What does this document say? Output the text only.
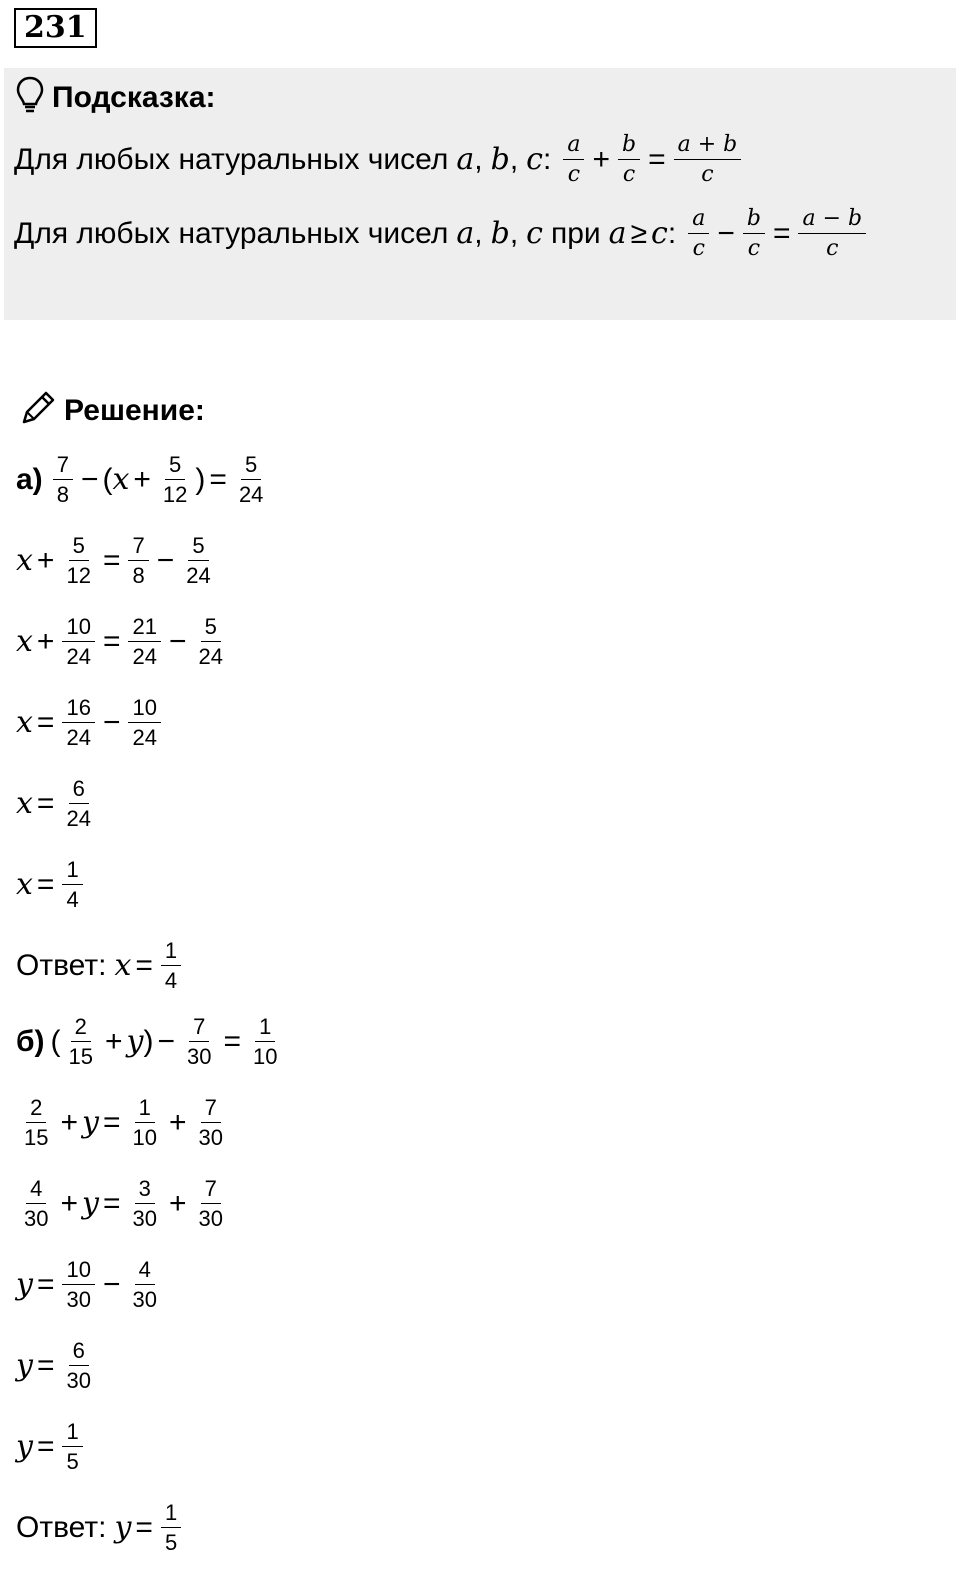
231
Подсказка:
Для любых натуральных чисел a , b , c : $\frac{a}{c} + \frac{b}{c} = \frac{a + b}{c}$
Для любых натуральных чисел a , b , c при a ≥ c : $\frac{a}{c} - \frac{b}{c} = \frac{a - b}{c}$
Решение:
$а) \frac{7}{8}$ − ( $x + \frac{5}{12}$ ) = $\frac{5}{24}$
$x + \frac{5}{12} = \frac{7}{8} - \frac{5}{24}$
$x + \frac{10}{24} = \frac{21}{24} - \frac{5}{24}$
$x = \frac{16}{24} - \frac{10}{24}$
$x = \frac{6}{24}$
$x = \frac{1}{4}$
Ответ: $x = \frac{1}{4}$
б) ( $\frac{2}{15} + y$ ) − $\frac{7}{30} = \frac{1}{10}$
$\frac{2}{15} + y = \frac{1}{10} + \frac{7}{30}$
$\frac{4}{30} + y = \frac{3}{30} + \frac{7}{30}$
$y = \frac{10}{30} - \frac{4}{30}$
$y = \frac{6}{30}$
$y = \frac{1}{5}$
Ответ: $y = \frac{1}{5}$
